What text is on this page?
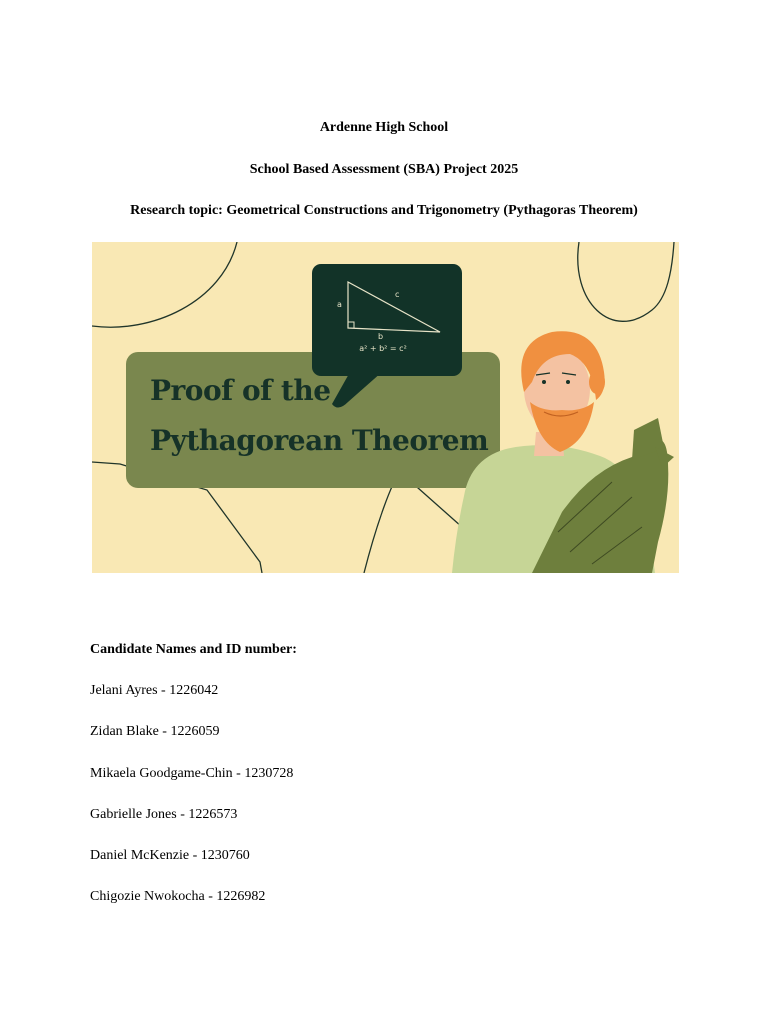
Ardenne High School
School Based Assessment (SBA) Project 2025
Research topic: Geometrical Constructions and Trigonometry (Pythagoras Theorem)
Proof of the
Pythagorean Theorem
a² + b² = c²
a
b
c
Candidate Names and ID number:
Jelani Ayres - 1226042
Zidan Blake - 1226059
Mikaela Goodgame-Chin - 1230728
Gabrielle Jones - 1226573
Daniel McKenzie - 1230760
Chigozie Nwokocha - 1226982
